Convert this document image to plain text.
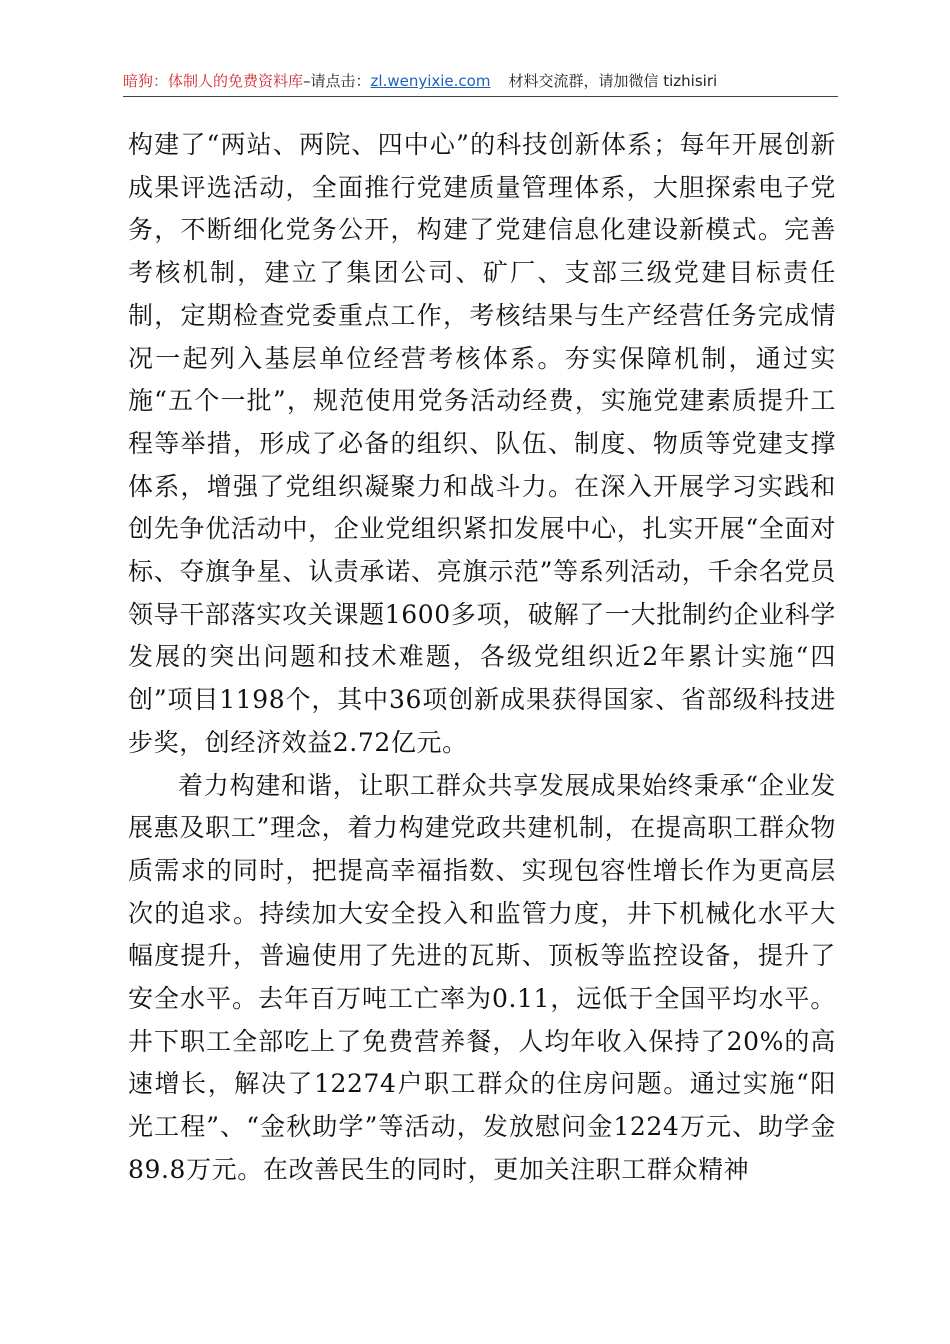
暗狗：体制人的免费资料库–请点击：zl.wenyixie.com 材料交流群，请加微信 tizhisiri

构建了“两站、两院、四中心”的科技创新体系；每年开展创新成果评选活动，全面推行党建质量管理体系，大胆探索电子党务，不断细化党务公开，构建了党建信息化建设新模式。完善考核机制，建立了集团公司、矿厂、支部三级党建目标责任制，定期检查党委重点工作，考核结果与生产经营任务完成情况一起列入基层单位经营考核体系。夯实保障机制，通过实施“五个一批”，规范使用党务活动经费，实施党建素质提升工程等举措，形成了必备的组织、队伍、制度、物质等党建支撑体系，增强了党组织凝聚力和战斗力。在深入开展学习实践和创先争优活动中，企业党组织紧扣发展中心，扎实开展“全面对标、夺旗争星、认责承诺、亮旗示范”等系列活动，千余名党员领导干部落实攻关课题1600多项，破解了一大批制约企业科学发展的突出问题和技术难题，各级党组织近2年累计实施“四创”项目1198个，其中36项创新成果获得国家、省部级科技进步奖，创经济效益2.72亿元。

着力构建和谐，让职工群众共享发展成果始终秉承“企业发展惠及职工”理念，着力构建党政共建机制，在提高职工群众物质需求的同时，把提高幸福指数、实现包容性增长作为更高层次的追求。持续加大安全投入和监管力度，井下机械化水平大幅度提升，普遍使用了先进的瓦斯、顶板等监控设备，提升了安全水平。去年百万吨工亡率为0.11，远低于全国平均水平。井下职工全部吃上了免费营养餐，人均年收入保持了20%的高速增长，解决了12274户职工群众的住房问题。通过实施“阳光工程”、“金秋助学”等活动，发放慰问金1224万元、助学金89.8万元。在改善民生的同时，更加关注职工群众精神
